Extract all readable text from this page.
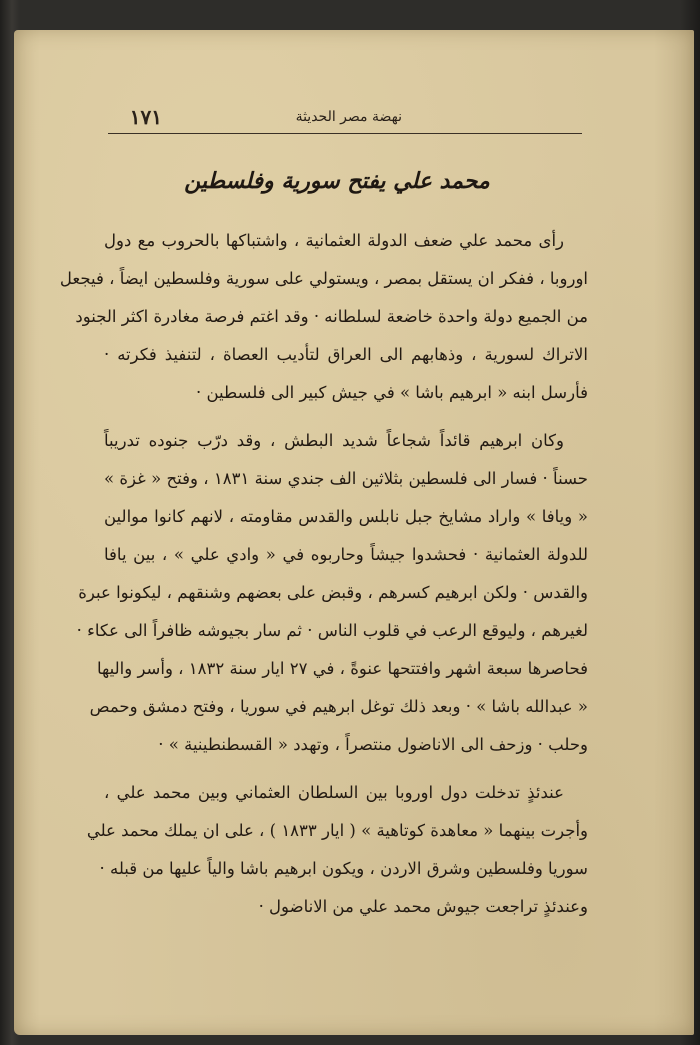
١٧١	نهضة مصر الحديثة
محمد علي يفتح سورية وفلسطين
رأى محمد علي ضعف الدولة العثمانية ، واشتباكها بالحروب مع دول
اوروبا ، ففكر ان يستقل بمصر ، ويستولي على سورية وفلسطين ايضاً ، فيجعل
من الجميع دولة واحدة خاضعة لسلطانه · وقد اغتم فرصة مغادرة اكثر الجنود
الاتراك لسورية ، وذهابهم الى العراق لتأديب العصاة ، لتنفيذ فكرته ·
فأرسل ابنه « ابرهيم باشا » في جيش كبير الى فلسطين ·
وكان ابرهيم قائداً شجاعاً شديد البطش ، وقد درّب جنوده تدريباً
حسناً · فسار الى فلسطين بثلاثين الف جندي سنة ١٨٣١ ، وفتح « غزة »
« ويافا » واراد مشايخ جبل نابلس والقدس مقاومته ، لانهم كانوا موالين
للدولة العثمانية · فحشدوا جيشاً وحاربوه في « وادي علي » ، بين يافا
والقدس · ولكن ابرهيم كسرهم ، وقبض على بعضهم وشنقهم ، ليكونوا عبرة
لغيرهم ، وليوقع الرعب في قلوب الناس · ثم سار بجيوشه ظافراً الى عكاء ·
فحاصرها سبعة اشهر وافتتحها عنوةً ، في ٢٧ ايار سنة ١٨٣٢ ، وأسر واليها
« عبدالله باشا » · وبعد ذلك توغل ابرهيم في سوريا ، وفتح دمشق وحمص
وحلب · وزحف الى الاناضول منتصراً ، وتهدد « القسطنطينية » ·
عندئذٍ تدخلت دول اوروبا بين السلطان العثماني وبين محمد علي ،
وأجرت بينهما « معاهدة كوتاهية » ( ايار ١٨٣٣ ) ، على ان يملك محمد علي
سوريا وفلسطين وشرق الاردن ، ويكون ابرهيم باشا والياً عليها من قبله ·
وعندئذٍ تراجعت جيوش محمد علي من الاناضول ·
